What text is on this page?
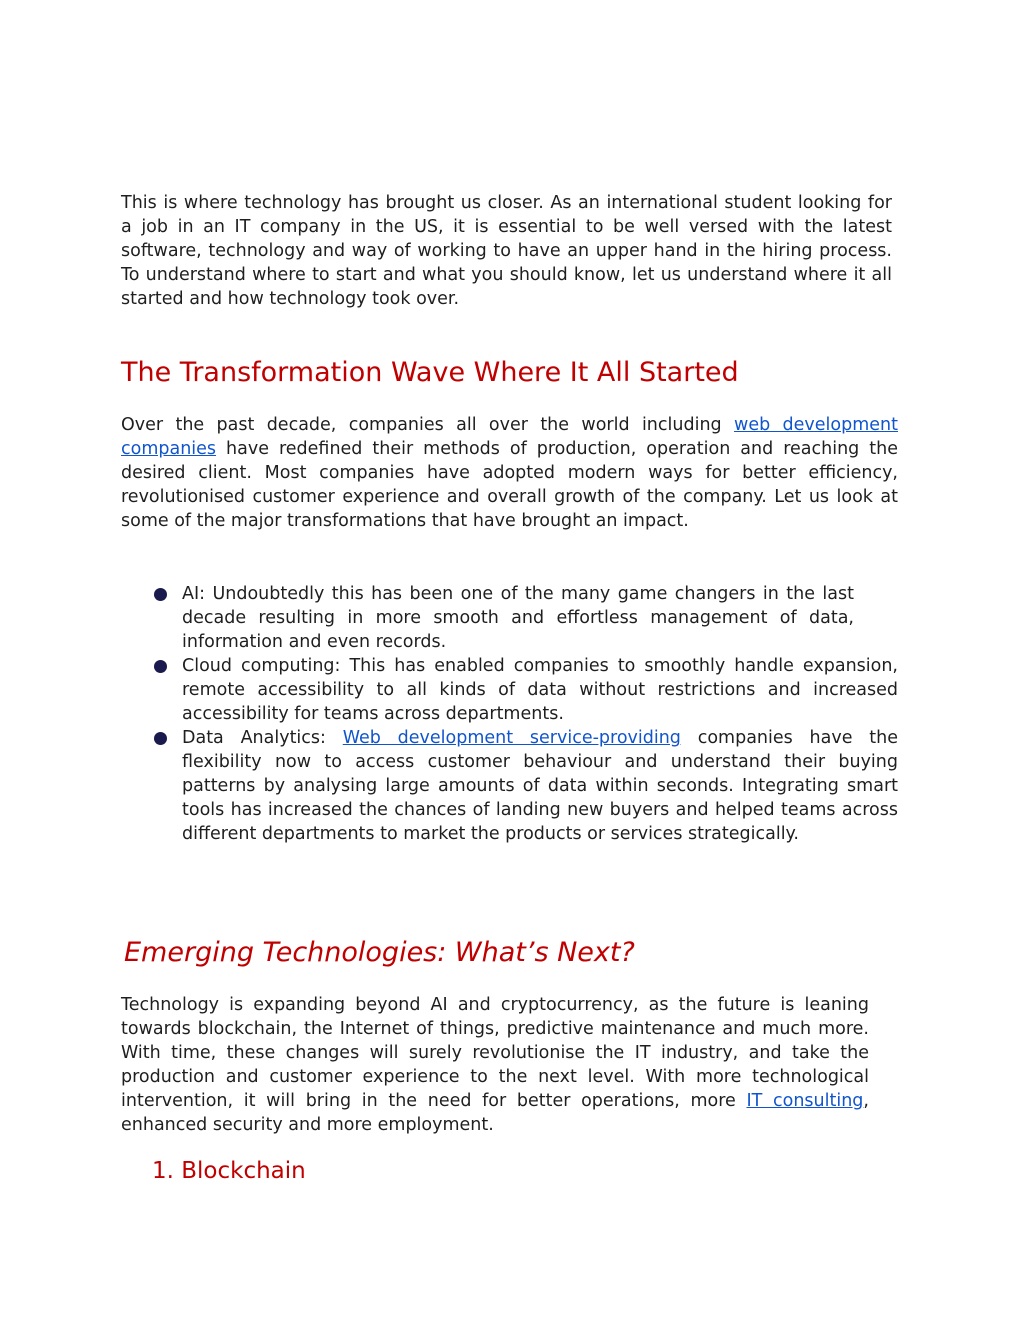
This is where technology has brought us closer. As an international student looking for a job in an IT company in the US, it is essential to be well versed with the latest software, technology and way of working to have an upper hand in the hiring process. To understand where to start and what you should know, let us understand where it all started and how technology took over.

The Transformation Wave Where It All Started

Over the past decade, companies all over the world including web development companies have redefined their methods of production, operation and reaching the desired client. Most companies have adopted modern ways for better efficiency, revolutionised customer experience and overall growth of the company. Let us look at some of the major transformations that have brought an impact.

AI: Undoubtedly this has been one of the many game changers in the last decade resulting in more smooth and effortless management of data, information and even records.
Cloud computing: This has enabled companies to smoothly handle expansion, remote accessibility to all kinds of data without restrictions and increased accessibility for teams across departments.
Data Analytics: Web development service-providing companies have the flexibility now to access customer behaviour and understand their buying patterns by analysing large amounts of data within seconds. Integrating smart tools has increased the chances of landing new buyers and helped teams across different departments to market the products or services strategically.
Emerging Technologies: What’s Next?

Technology is expanding beyond AI and cryptocurrency, as the future is leaning towards blockchain, the Internet of things, predictive maintenance and much more. With time, these changes will surely revolutionise the IT industry, and take the production and customer experience to the next level. With more technological intervention, it will bring in the need for better operations, more IT consulting, enhanced security and more employment.

1. Blockchain
